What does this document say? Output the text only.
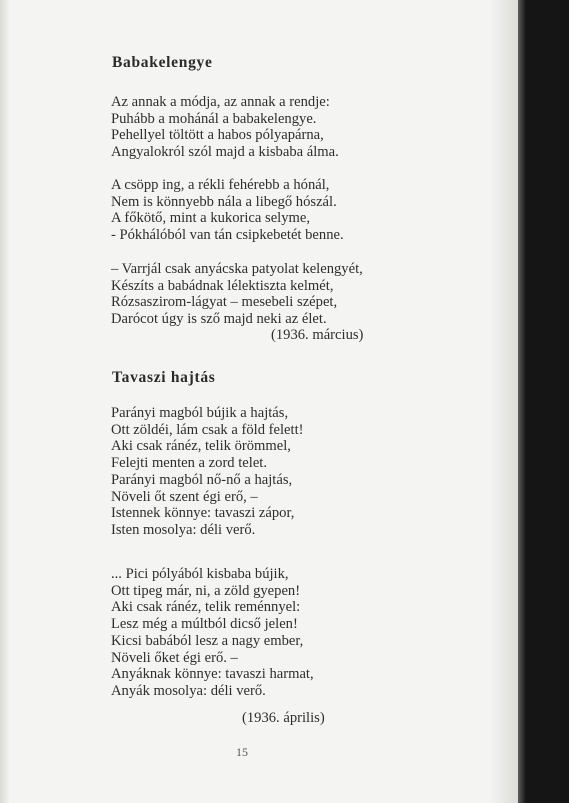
Babakelengye
Az annak a módja, az annak a rendje:
Puhább a mohánál a babakelengye.
Pehellyel töltött a habos pólyapárna,
Angyalokról szól majd a kisbaba álma.
A csöpp ing, a rékli fehérebb a hónál,
Nem is könnyebb nála a libegő hószál.
A főkötő, mint a kukorica selyme,
- Pókhálóból van tán csipkebetét benne.
– Varrjál csak anyácska patyolat kelengyét,
Készíts a babádnak lélektiszta kelmét,
Rózsaszirom-lágyat – mesebeli szépet,
Darócot úgy is sző majd neki az élet.

(1936. március)

Tavaszi hajtás
Parányi magból bújik a hajtás,
Ott zöldéi, lám csak a föld felett!
Aki csak ránéz, telik örömmel,
Felejti menten a zord telet.
Parányi magból nő-nő a hajtás,
Növeli őt szent égi erő, –
Istennek könnye: tavaszi zápor,
Isten mosolya: déli verő.
... Pici pólyából kisbaba bújik,
Ott tipeg már, ni, a zöld gyepen!
Aki csak ránéz, telik reménnyel:
Lesz még a múltból dicső jelen!
Kicsi babából lesz a nagy ember,
Növeli őket égi erő. –
Anyáknak könnye: tavaszi harmat,
Anyák mosolya: déli verő.

(1936. április)

15
